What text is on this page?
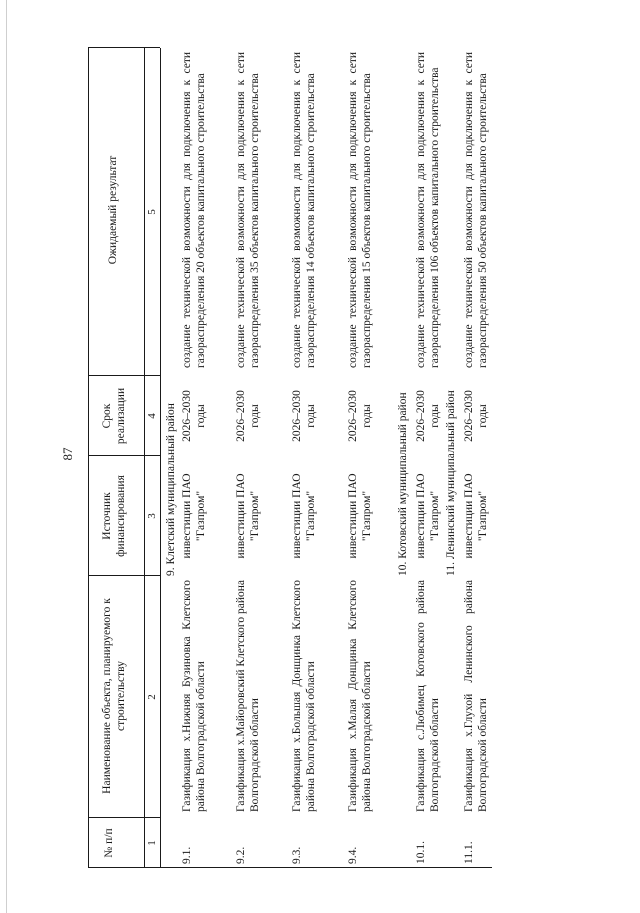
87
№ п/п
Наименование объекта, планируемого к строительству
Источник финансирования
Срок реализации
Ожидаемый результат
1
2
3
4
5
9. Клетский муниципальный район
9.1.
Газификация х.Нижняя Бузиновка Клетского района Волгоградской области
инвестиции ПАО "Газпром"
2026–2030 годы
создание технической возможности для подключения к сети газораспределения 20 объектов капитального строительства
9.2.
Газификация х.Майоровский Клетского района Волгоградской области
инвестиции ПАО "Газпром"
2026–2030 годы
создание технической возможности для подключения к сети газораспределения 35 объектов капитального строительства
9.3.
Газификация х.Большая Донщинка Клетского района Волгоградской области
инвестиции ПАО "Газпром"
2026–2030 годы
создание технической возможности для подключения к сети газораспределения 14 объектов капитального строительства
9.4.
Газификация х.Малая Донщинка Клетского района Волгоградской области
инвестиции ПАО "Газпром"
2026–2030 годы
создание технической возможности для подключения к сети газораспределения 15 объектов капитального строительства
10. Котовский муниципальный район
10.1.
Газификация с.Любимец Котовского района Волгоградской области
инвестиции ПАО "Газпром"
2026–2030 годы
создание технической возможности для подключения к сети газораспределения 106 объектов капитального строительства
11. Ленинский муниципальный район
11.1.
Газификация х.Глухой Ленинского района Волгоградской области
инвестиции ПАО "Газпром"
2026–2030 годы
создание технической возможности для подключения к сети газораспределения 50 объектов капитального строительства
